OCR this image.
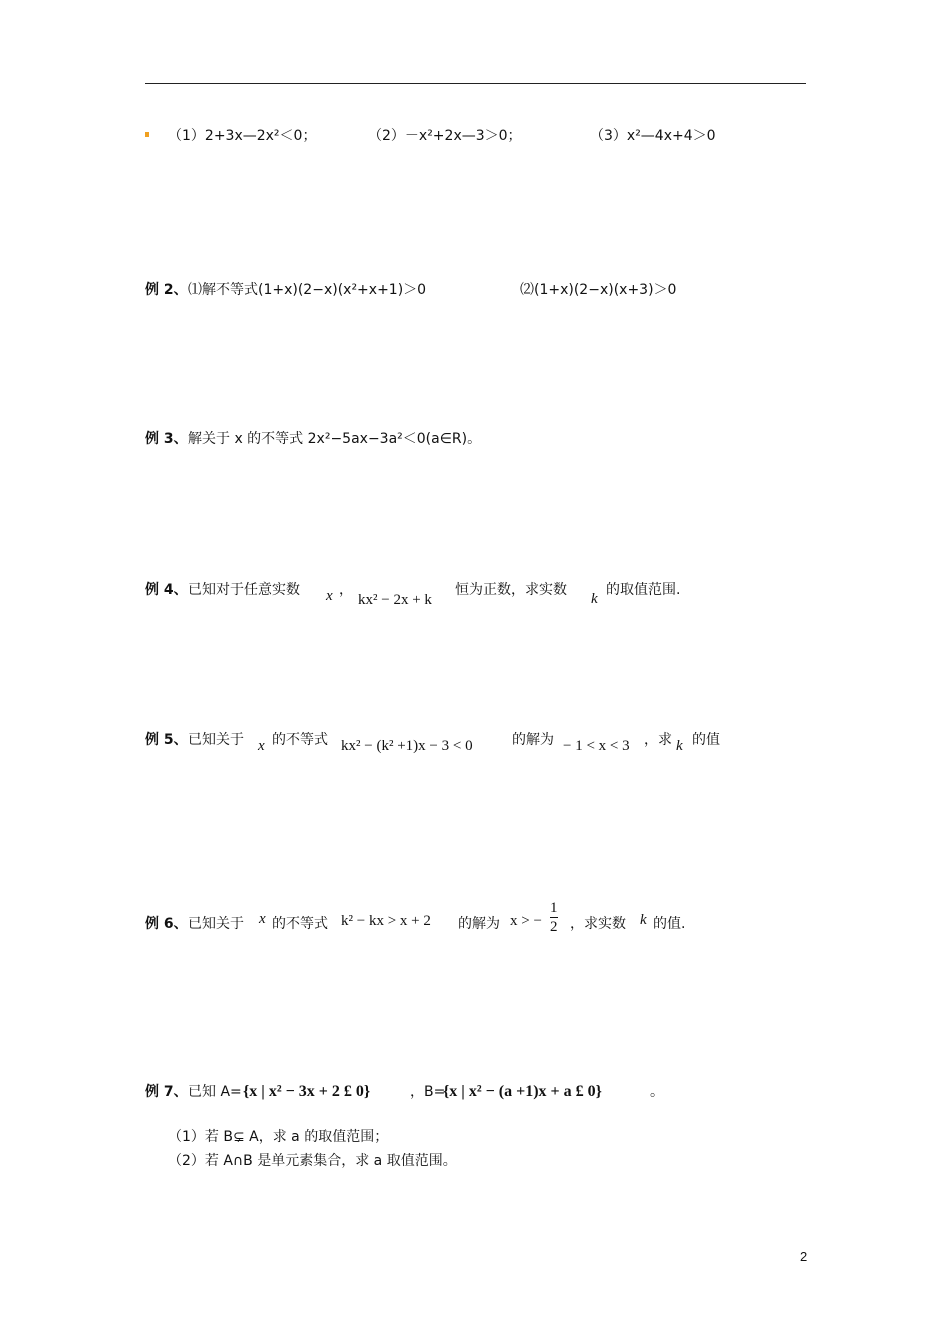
（1）2+3x—2x²＜0；	（2）－x²+2x—3＞0；	（3）x²—4x+4＞0
例 2、 ⑴解不等式(1+x)(2−x)(x²+x+1)＞0	⑵(1+x)(2−x)(x+3)＞0
例 3、 解关于 x 的不等式 2x²−5ax−3a²＜0(a∈R)。
例 4、 已知对于任意实数 x ，
kx² − 2x + k
恒为正数，求实数
k
的取值范围.
例 5、 已知关于 x 的不等式 kx² − (k² +1)x − 3 < 0	的解为 − 1 < x < 3 ，求 k 的值
例 6、 已知关于 x 的不等式 k² − kx > x + 2 的解为 x > − $\frac{1}{2}$ ，求实数 k 的值.
例 7、 已知 A= {x | x² − 3x + 2 £ 0}	，B=
{x | x² − (a +1)x + a £ 0}	。
（1）若 B⊊ A，求 a 的取值范围；
（2）若 A∩B 是单元素集合，求 a 取值范围。
2
